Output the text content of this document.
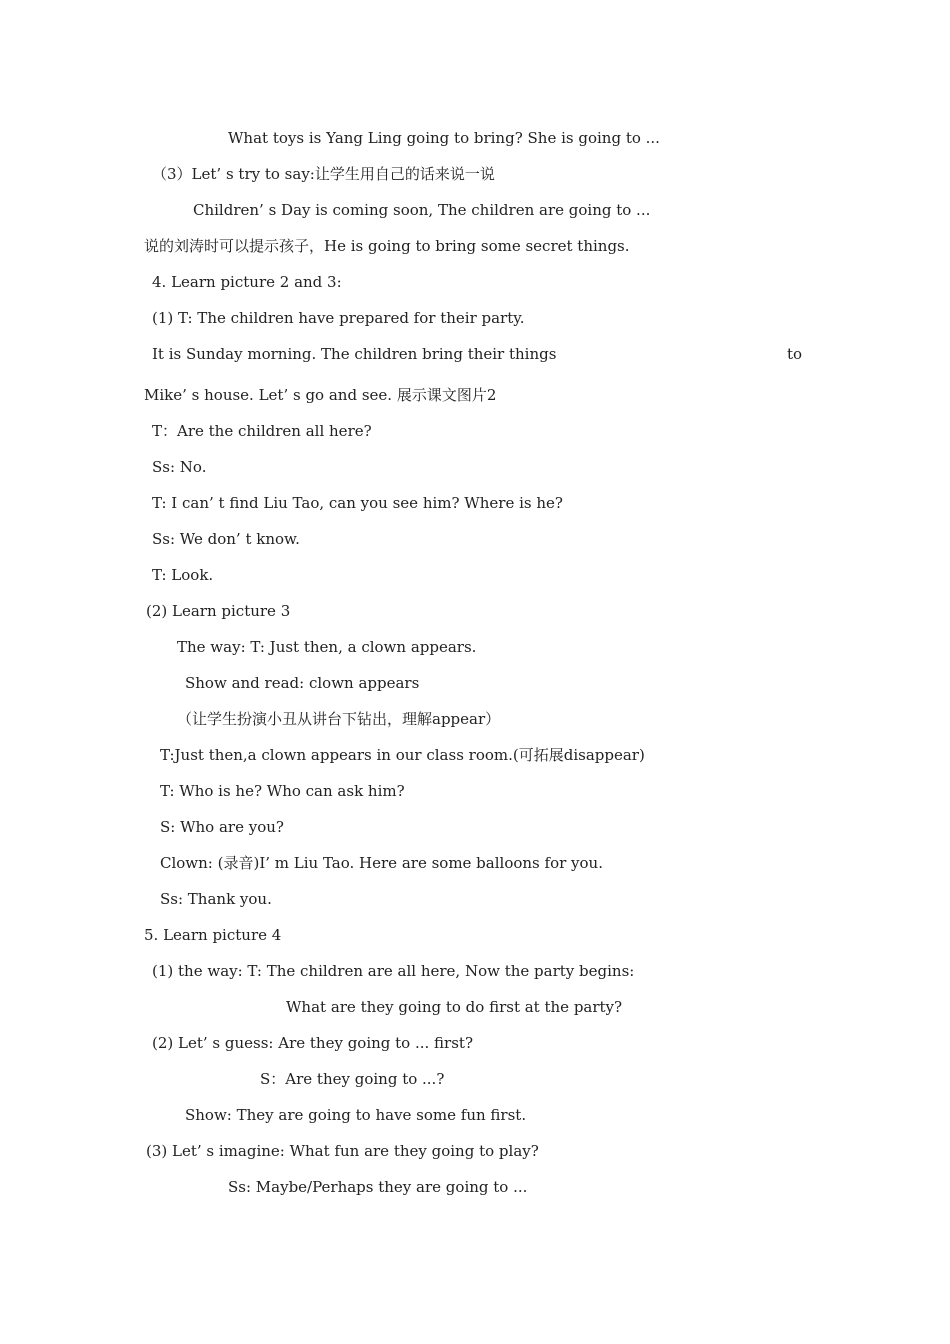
What toys is Yang Ling going to bring? She is going to ...
（3）Let’ s try to say:让学生用自己的话来说一说
Children’ s Day is coming soon, The children are going to ...
说的刘涛时可以提示孩子，He is going to bring some secret things.
4. Learn picture 2 and 3:
(1) T: The children have prepared for their party.
It is Sunday morning. The children bring their things	to
Mike’ s house. Let’ s go and see. 展示课文图片2
T：Are the children all here?
Ss: No.
T: I can’ t find Liu Tao, can you see him? Where is he?
Ss: We don’ t know.
T: Look.
(2) Learn picture 3
The way: T: Just then, a clown appears.
Show and read: clown appears
（让学生扮演小丑从讲台下钻出，理解appear）
T:Just then,a clown appears in our class room.(可拓展disappear)
T: Who is he? Who can ask him?
S: Who are you?
Clown: (录音)I’ m Liu Tao. Here are some balloons for you.
Ss: Thank you.
5. Learn picture 4
(1) the way: T: The children are all here, Now the party begins:
What are they going to do first at the party?
(2) Let’ s guess: Are they going to ... first?
S：Are they going to ...?
Show: They are going to have some fun first.
(3) Let’ s imagine: What fun are they going to play?
Ss: Maybe/Perhaps they are going to ...
